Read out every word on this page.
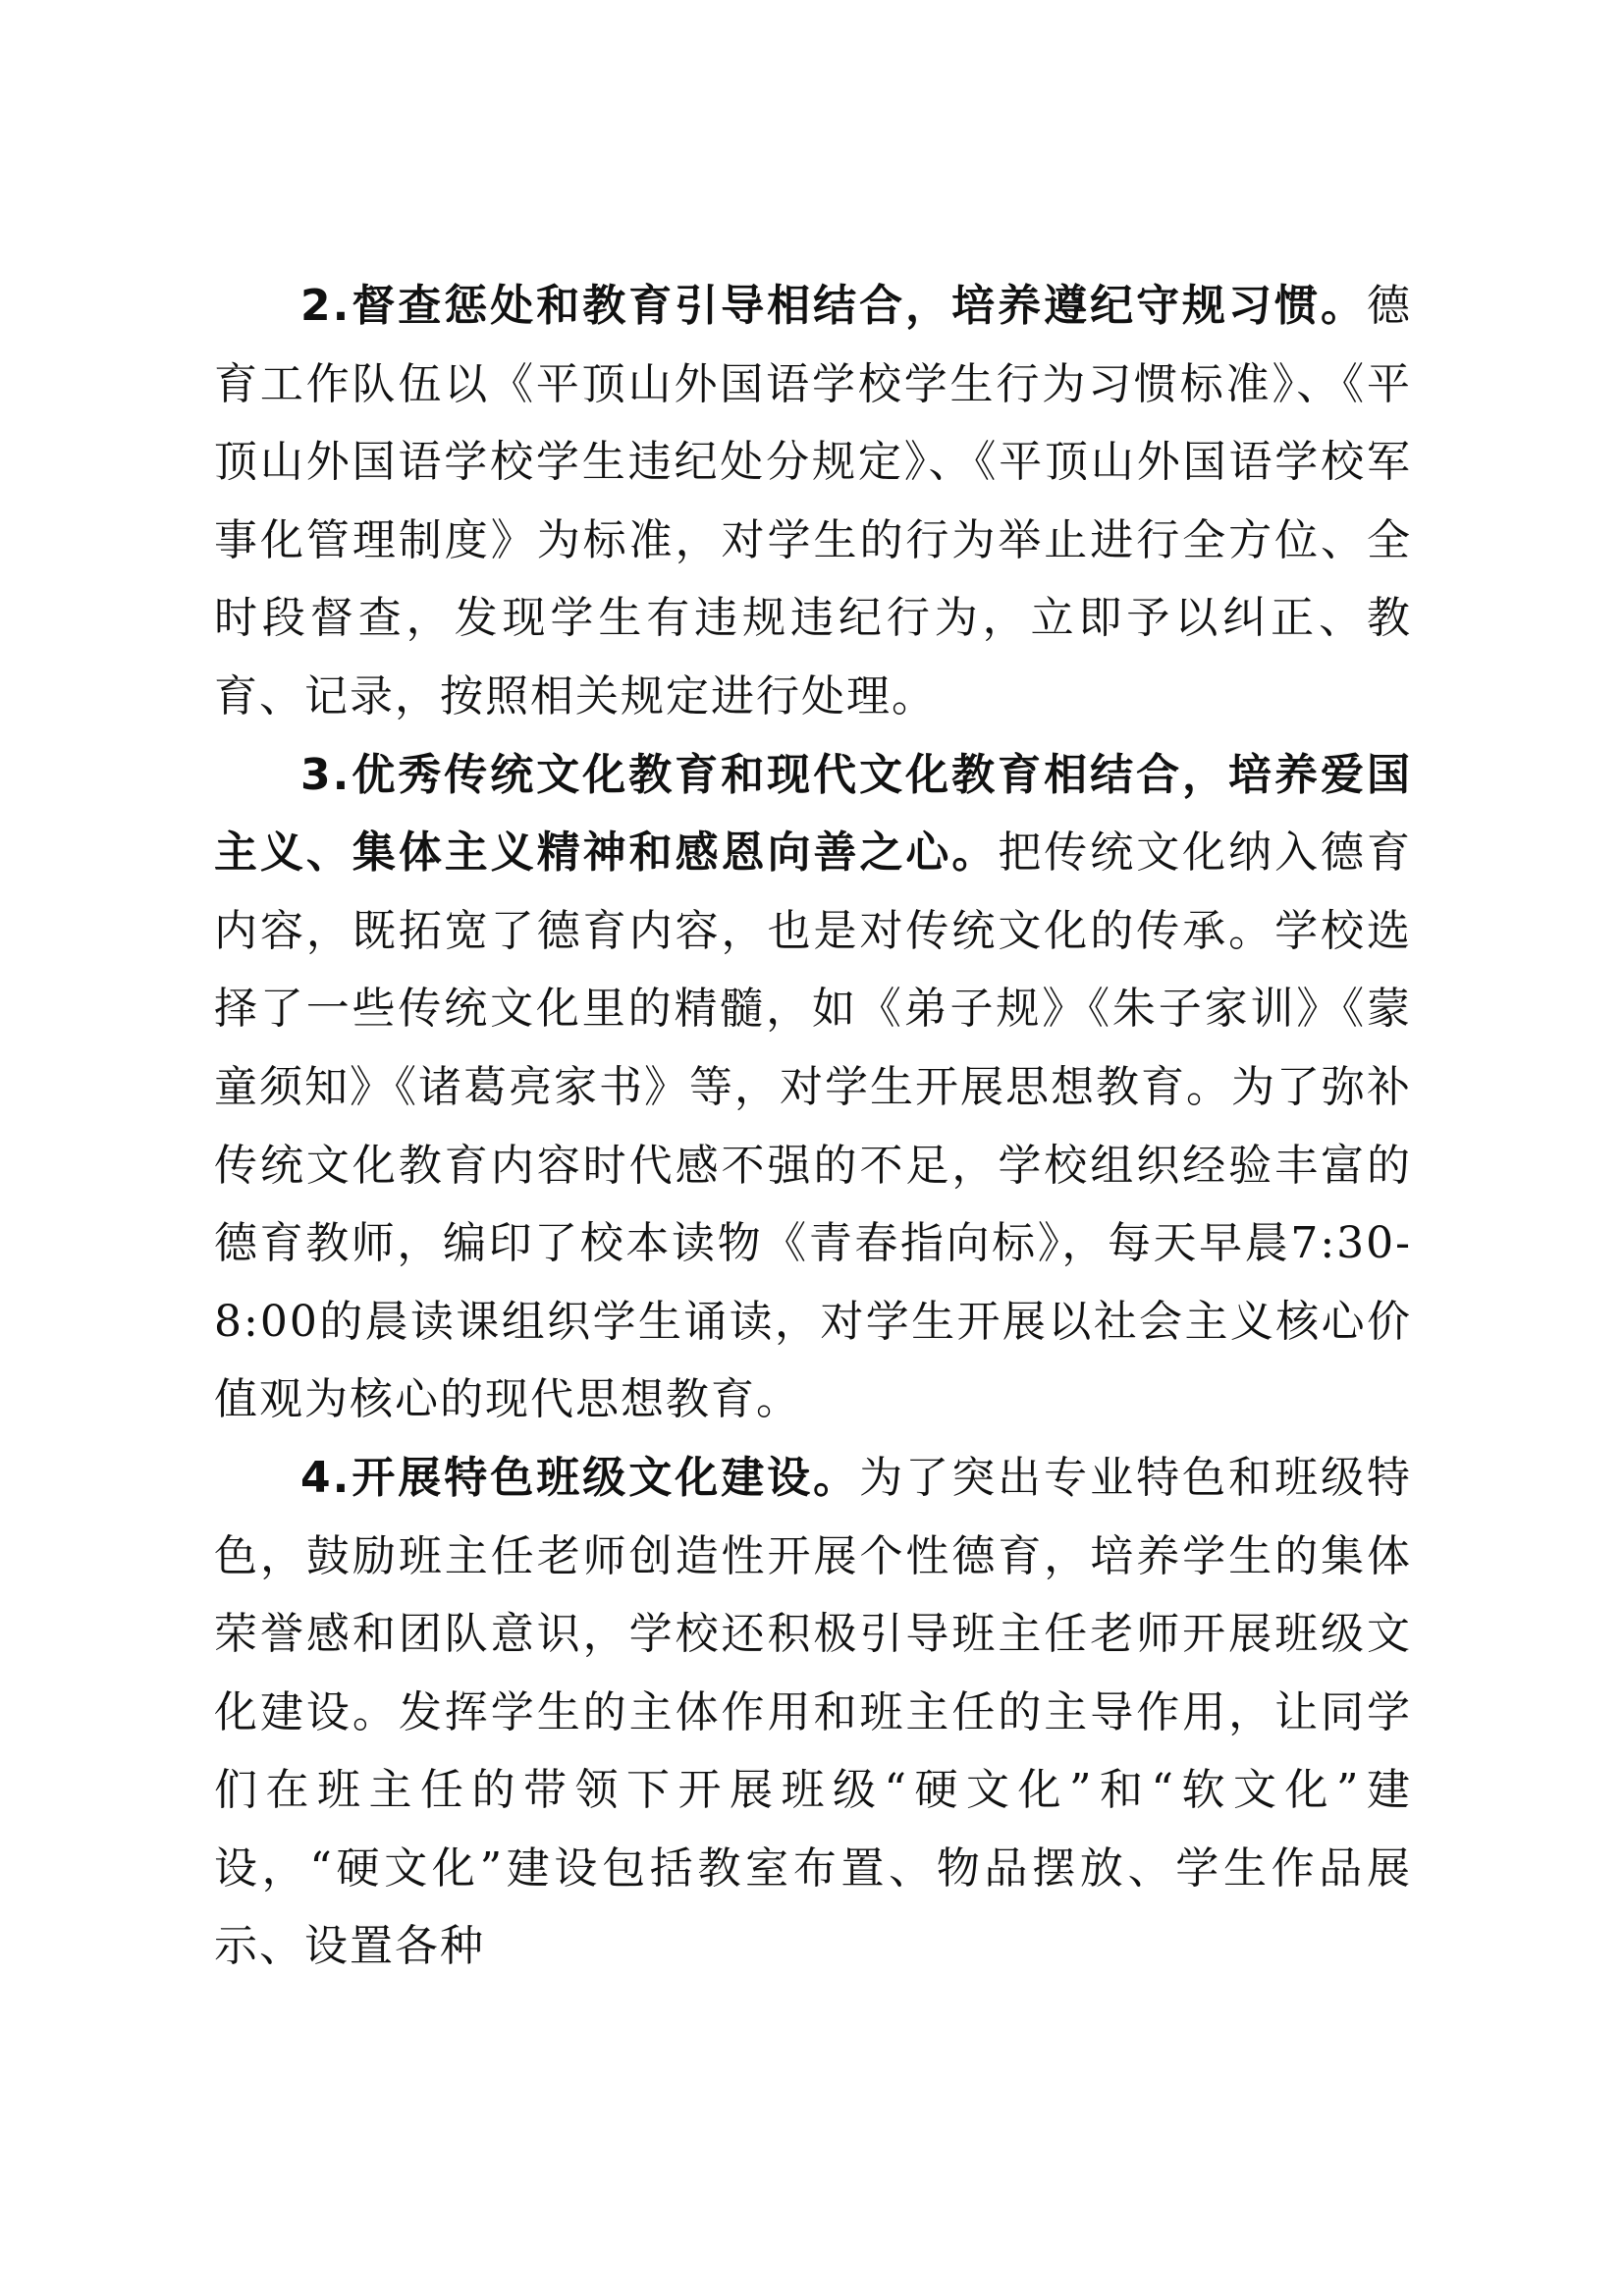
2.督查惩处和教育引导相结合，培养遵纪守规习惯。德育工作队伍以《平顶山外国语学校学生行为习惯标准》、《平顶山外国语学校学生违纪处分规定》、《平顶山外国语学校军事化管理制度》为标准，对学生的行为举止进行全方位、全时段督查，发现学生有违规违纪行为，立即予以纠正、教育、记录，按照相关规定进行处理。

3.优秀传统文化教育和现代文化教育相结合，培养爱国主义、集体主义精神和感恩向善之心。把传统文化纳入德育内容，既拓宽了德育内容，也是对传统文化的传承。学校选择了一些传统文化里的精髓，如《弟子规》《朱子家训》《蒙童须知》《诸葛亮家书》等，对学生开展思想教育。为了弥补传统文化教育内容时代感不强的不足，学校组织经验丰富的德育教师，编印了校本读物《青春指向标》，每天早晨7:30-8:00的晨读课组织学生诵读，对学生开展以社会主义核心价值观为核心的现代思想教育。

4.开展特色班级文化建设。为了突出专业特色和班级特色，鼓励班主任老师创造性开展个性德育，培养学生的集体荣誉感和团队意识，学校还积极引导班主任老师开展班级文化建设。发挥学生的主体作用和班主任的主导作用，让同学们在班主任的带领下开展班级“硬文化”和“软文化”建设，“硬文化”建设包括教室布置、物品摆放、学生作品展示、设置各种
